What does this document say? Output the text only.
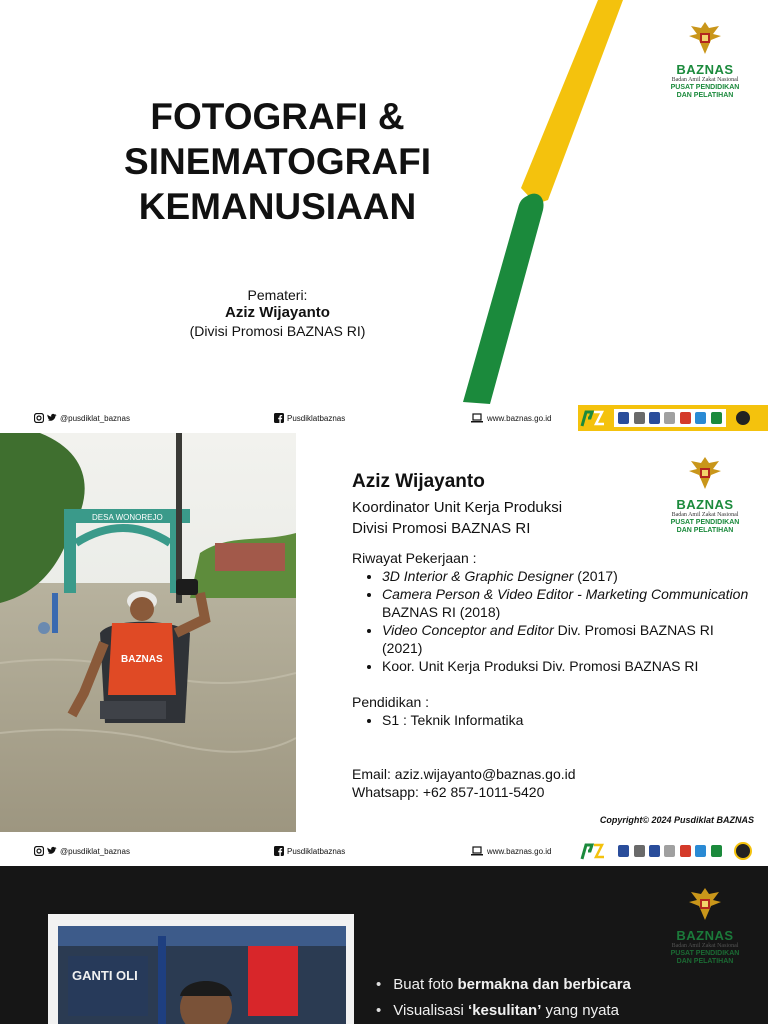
FOTOGRAFI &
SINEMATOGRAFI
KEMANUSIAAN
Pemateri:
Aziz Wijayanto
(Divisi Promosi BAZNAS RI)
BAZNAS
Badan Amil Zakat Nasional
PUSAT PENDIDIKAN
DAN PELATIHAN
@pusdiklat_baznas	Pusdiklatbaznas	www.baznas.go.id
DESA WONOREJO
BAZNAS

Aziz Wijayanto

Koordinator Unit Kerja Produksi

Divisi Promosi BAZNAS RI

Riwayat Pekerjaan :
• 3D Interior & Graphic Designer (2017)
• Camera Person & Video Editor - Marketing Communication BAZNAS RI (2018)
• Video Conceptor and Editor Div. Promosi BAZNAS RI (2021)
• Koor. Unit Kerja Produksi Div. Promosi BAZNAS RI
Pendidikan :
• S1 : Teknik Informatika
Email: aziz.wijayanto@baznas.go.id
Whatsapp: +62 857-1011-5420
BAZNAS
Badan Amil Zakat Nasional
PUSAT PENDIDIKAN
DAN PELATIHAN
Copyright© 2024 Pusdiklat BAZNAS
@pusdiklat_baznas	Pusdiklatbaznas	www.baznas.go.id
GANTI OLI
BAZNAS
Badan Amil Zakat Nasional
PUSAT PENDIDIKAN
DAN PELATIHAN
• Buat foto bermakna dan berbicara
• Visualisasi ‘kesulitan’ yang nyata
